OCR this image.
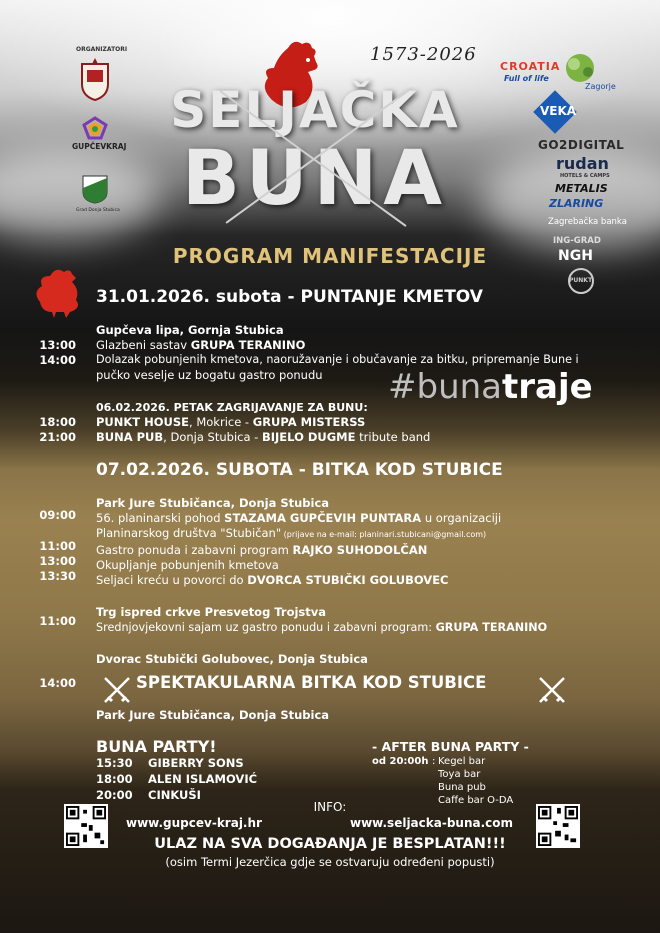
ORGANIZATORI
GUPČEVKRAJ
Grad Donja Stubica
1573-2026
SELJAČKA
BUNA
PROGRAM MANIFESTACIJE
CROATIA
Full of life
Zagorje
VEKA
GO2DIGITAL
rudan
HOTELS & CAMPS
METALIS
ZLARING
Zagrebačka banka
ING-GRAD
NGH
PUNKT
31.01.2026. subota - PUNTANJE KMETOV
Gupčeva lipa, Gornja Stubica
13:00 Glazbeni sastav GRUPA TERANINO
14:00 Dolazak pobunjenih kmetova, naoružavanje i obučavanje za bitku, pripremanje Bune i
pučko veselje uz bogatu gastro ponudu #bunatraje
06.02.2026. PETAK ZAGRIJAVANJE ZA BUNU:
18:00 PUNKT HOUSE, Mokrice - GRUPA MISTERSS
21:00 BUNA PUB, Donja Stubica - BIJELO DUGME tribute band
07.02.2026. SUBOTA - BITKA KOD STUBICE
Park Jure Stubičanca, Donja Stubica
09:00 56. planinarski pohod STAZAMA GUPČEVIH PUNTARA u organizaciji
Planinarskog društva "Stubičan" (prijave na e-mail: planinari.stubicani@gmail.com)
11:00 Gastro ponuda i zabavni program RAJKO SUHODOLČAN
13:00 Okupljanje pobunjenih kmetova
13:30 Seljaci kreću u povorci do DVORCA STUBIČKI GOLUBOVEC
Trg ispred crkve Presvetog Trojstva
11:00 Srednjovjekovni sajam uz gastro ponudu i zabavni program: GRUPA TERANINO
Dvorac Stubički Golubovec, Donja Stubica
14:00	SPEKTAKULARNA BITKA KOD STUBICE
Park Jure Stubičanca, Donja Stubica
BUNA PARTY!
15:30 GIBERRY SONS
18:00 ALEN ISLAMOVIĆ
20:00 CINKUŠI
- AFTER BUNA PARTY -
od 20:00h : Kegel bar
Toya bar
Buna pub
Caffe bar O-DA
INFO:
www.gupcev-kraj.hr	www.seljacka-buna.com
ULAZ NA SVA DOGAĐANJA JE BESPLATAN!!!
(osim Termi Jezerčica gdje se ostvaruju određeni popusti)
